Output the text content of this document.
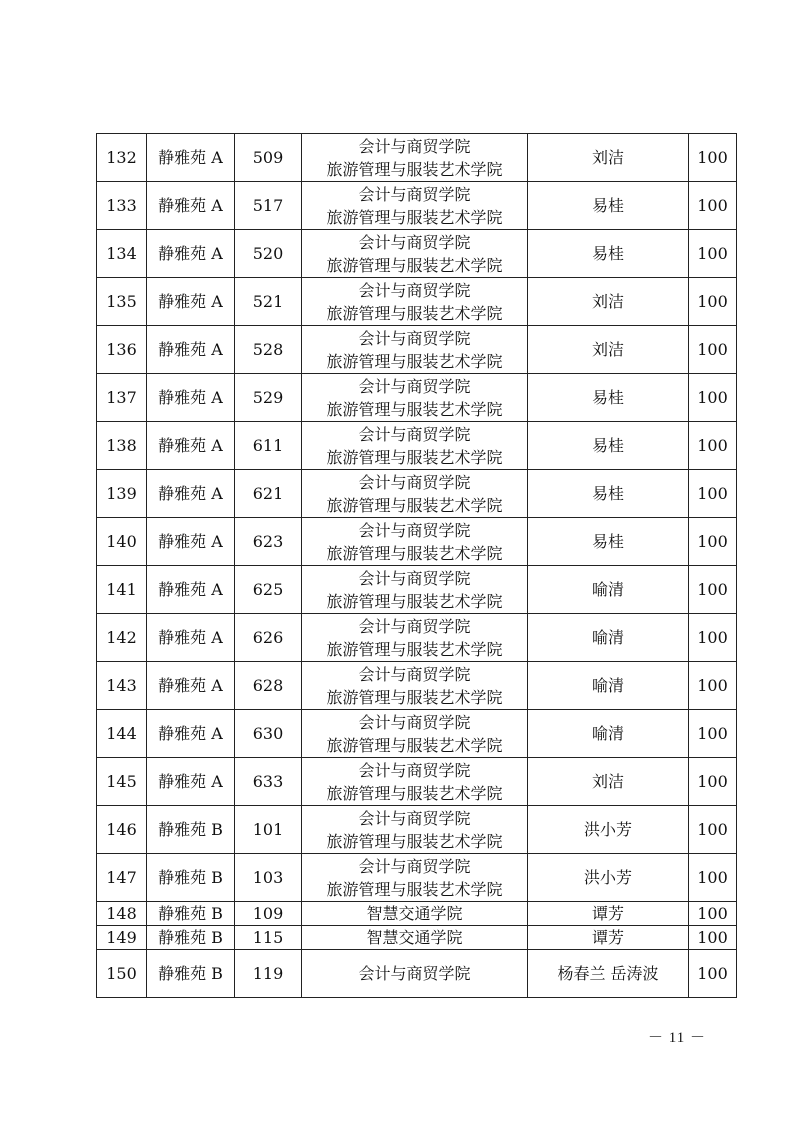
132	静雅苑 A	509	会计与商贸学院
旅游管理与服装艺术学院	刘洁	100
133	静雅苑 A	517	会计与商贸学院
旅游管理与服装艺术学院	易桂	100
134	静雅苑 A	520	会计与商贸学院
旅游管理与服装艺术学院	易桂	100
135	静雅苑 A	521	会计与商贸学院
旅游管理与服装艺术学院	刘洁	100
136	静雅苑 A	528	会计与商贸学院
旅游管理与服装艺术学院	刘洁	100
137	静雅苑 A	529	会计与商贸学院
旅游管理与服装艺术学院	易桂	100
138	静雅苑 A	611	会计与商贸学院
旅游管理与服装艺术学院	易桂	100
139	静雅苑 A	621	会计与商贸学院
旅游管理与服装艺术学院	易桂	100
140	静雅苑 A	623	会计与商贸学院
旅游管理与服装艺术学院	易桂	100
141	静雅苑 A	625	会计与商贸学院
旅游管理与服装艺术学院	喻清	100
142	静雅苑 A	626	会计与商贸学院
旅游管理与服装艺术学院	喻清	100
143	静雅苑 A	628	会计与商贸学院
旅游管理与服装艺术学院	喻清	100
144	静雅苑 A	630	会计与商贸学院
旅游管理与服装艺术学院	喻清	100
145	静雅苑 A	633	会计与商贸学院
旅游管理与服装艺术学院	刘洁	100
146	静雅苑 B	101	会计与商贸学院
旅游管理与服装艺术学院	洪小芳	100
147	静雅苑 B	103	会计与商贸学院
旅游管理与服装艺术学院	洪小芳	100
148	静雅苑 B	109	智慧交通学院	谭芳	100
149	静雅苑 B	115	智慧交通学院	谭芳	100
150	静雅苑 B	119	会计与商贸学院	杨春兰 岳涛波	100
－ 11 －
